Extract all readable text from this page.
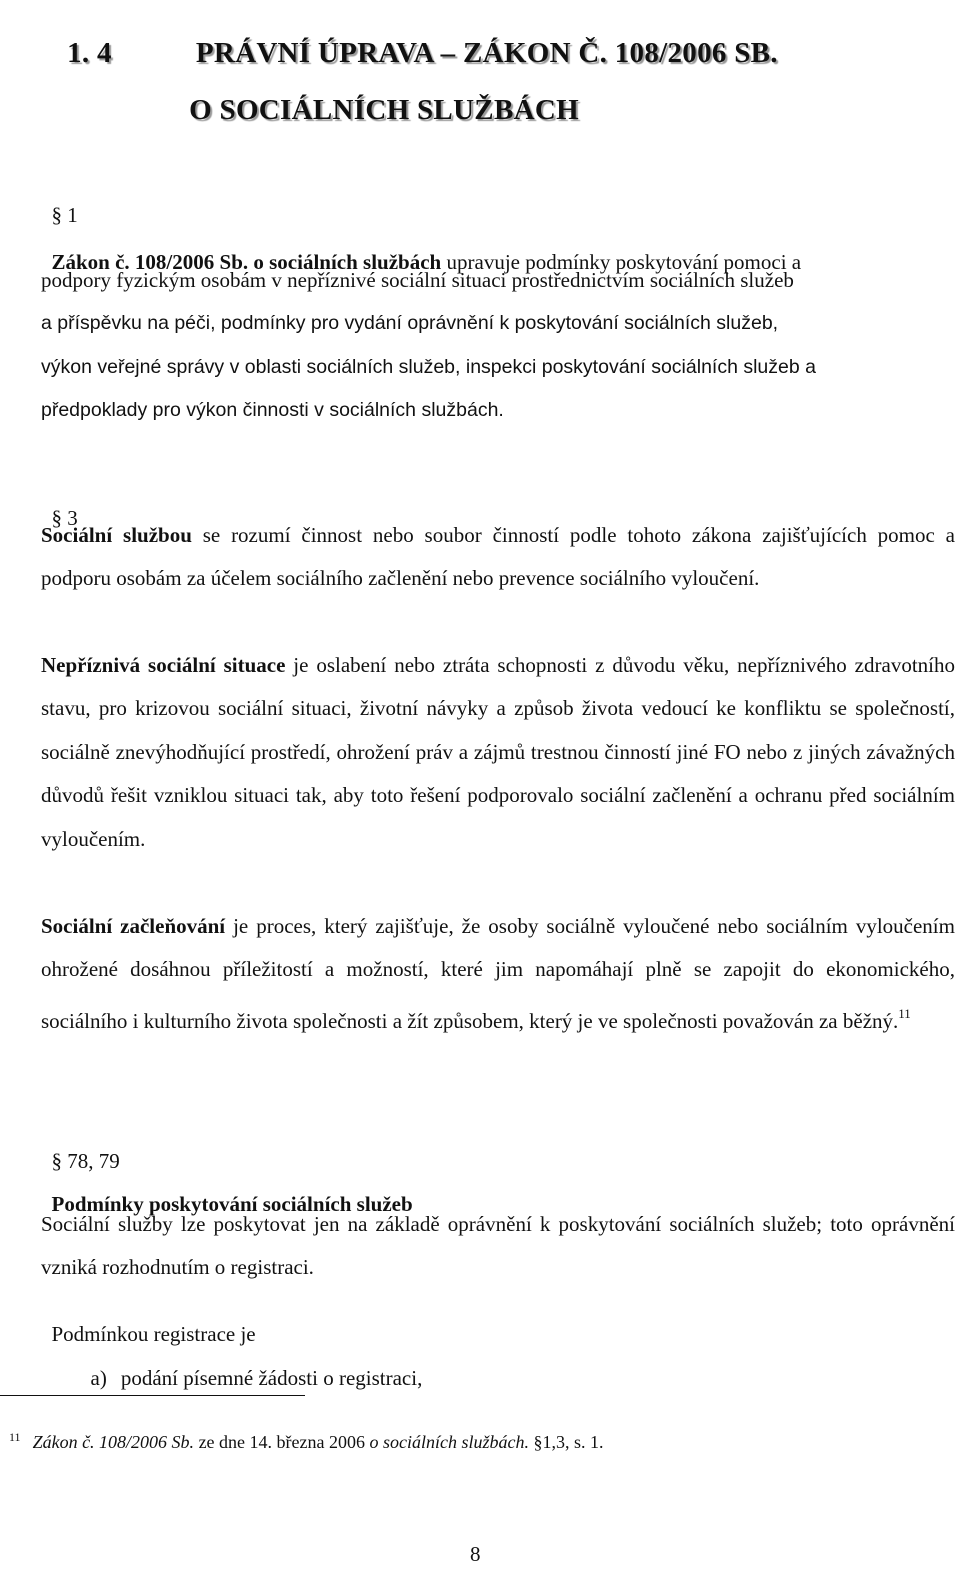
1. 4	PRÁVNÍ ÚPRAVA – ZÁKON Č. 108/2006 SB.

O SOCIÁLNÍCH SLUŽBÁCH

§ 1

Zákon č. 108/2006 Sb. o sociálních službách upravuje podmínky poskytování pomoci a

podpory fyzickým osobám v nepříznivé sociální situaci prostřednictvím sociálních služeb
a příspěvku na péči, podmínky pro vydání oprávnění k poskytování sociálních služeb,
výkon veřejné správy v oblasti sociálních služeb, inspekci poskytování sociálních služeb a
předpoklady pro výkon činnosti v sociálních službách.

§ 3

Sociální službou se rozumí činnost nebo soubor činností podle tohoto zákona zajišťujících pomoc a podporu osobám za účelem sociálního začlenění nebo prevence sociálního vyloučení.

Nepříznivá sociální situace je oslabení nebo ztráta schopnosti z důvodu věku, nepříznivého zdravotního stavu, pro krizovou sociální situaci, životní návyky a způsob života vedoucí ke konfliktu se společností, sociálně znevýhodňující prostředí, ohrožení práv a zájmů trestnou činností jiné FO nebo z jiných závažných důvodů řešit vzniklou situaci tak, aby toto řešení podporovalo sociální začlenění a ochranu před sociálním vyloučením.

Sociální začleňování je proces, který zajišťuje, že osoby sociálně vyloučené nebo sociálním vyloučením ohrožené dosáhnou příležitostí a možností, které jim napomáhají plně se zapojit do ekonomického, sociálního i kulturního života společnosti a žít způsobem, který je ve společnosti považován za běžný.$^{11}$

§ 78, 79

Podmínky poskytování sociálních služeb

Sociální služby lze poskytovat jen na základě oprávnění k poskytování sociálních služeb; toto oprávnění vzniká rozhodnutím o registraci.

Podmínkou registrace je

a) podání písemné žádosti o registraci,

$^{11}$ Zákon č. 108/2006 Sb. ze dne 14. března 2006 o sociálních službách. §1,3, s. 1.

8
